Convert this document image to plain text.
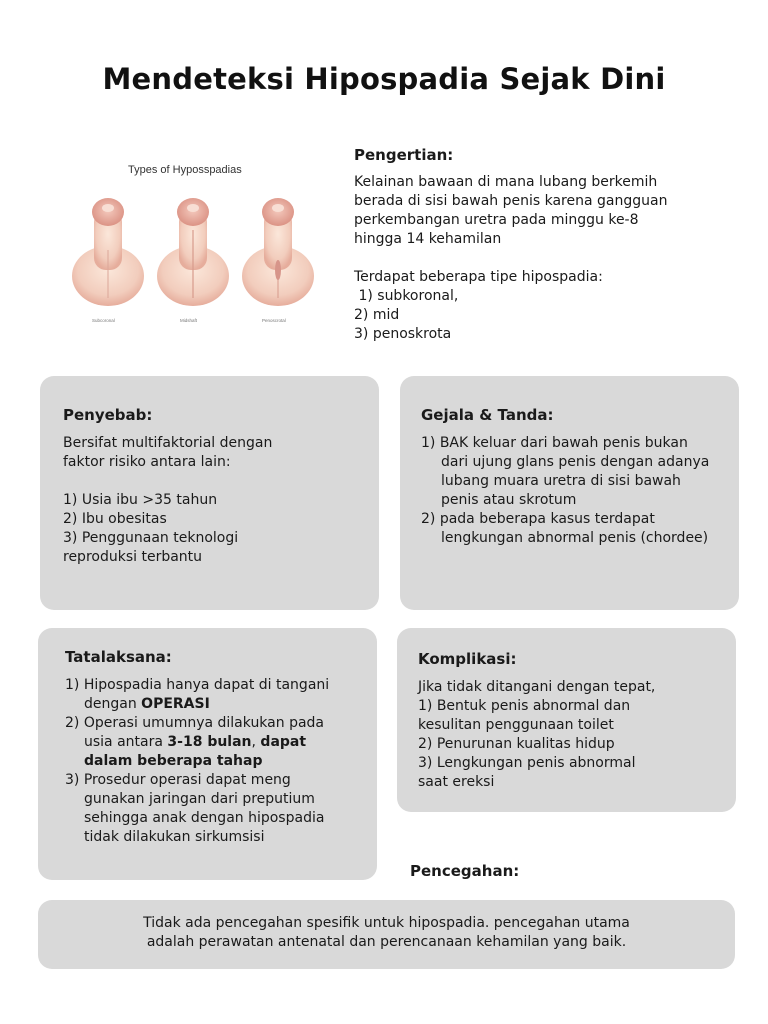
Mendeteksi Hipospadia Sejak Dini
Types of Hyposspadias
Subcoronal	Midshaft	Penoscrotal
Pengertian:
Kelainan bawaan di mana lubang berkemih
berada di sisi bawah penis karena gangguan
perkembangan uretra pada minggu ke-8
hingga 14 kehamilan
Terdapat beberapa tipe hipospadia:
1) subkoronal,
2) mid
3) penoskrota
Penyebab:
Bersifat multifaktorial dengan
faktor risiko antara lain:
1) Usia ibu >35 tahun
2) Ibu obesitas
3) Penggunaan teknologi
reproduksi terbantu
Gejala & Tanda:
1) BAK keluar dari bawah penis bukan dari ujung glans penis dengan adanya lubang muara uretra di sisi bawah penis atau skrotum
2) pada beberapa kasus terdapat lengkungan abnormal penis (chordee)
Tatalaksana:
1) Hipospadia hanya dapat di tangani dengan OPERASI
2) Operasi umumnya dilakukan pada usia antara 3-18 bulan, dapat dalam beberapa tahap
3) Prosedur operasi dapat meng gunakan jaringan dari preputium sehingga anak dengan hipospadia tidak dilakukan sirkumsisi
Komplikasi:
Jika tidak ditangani dengan tepat,
1) Bentuk penis abnormal dan
kesulitan penggunaan toilet
2) Penurunan kualitas hidup
3) Lengkungan penis abnormal
saat ereksi
Pencegahan:
Tidak ada pencegahan spesifik untuk hipospadia. pencegahan utama
adalah perawatan antenatal dan perencanaan kehamilan yang baik.
